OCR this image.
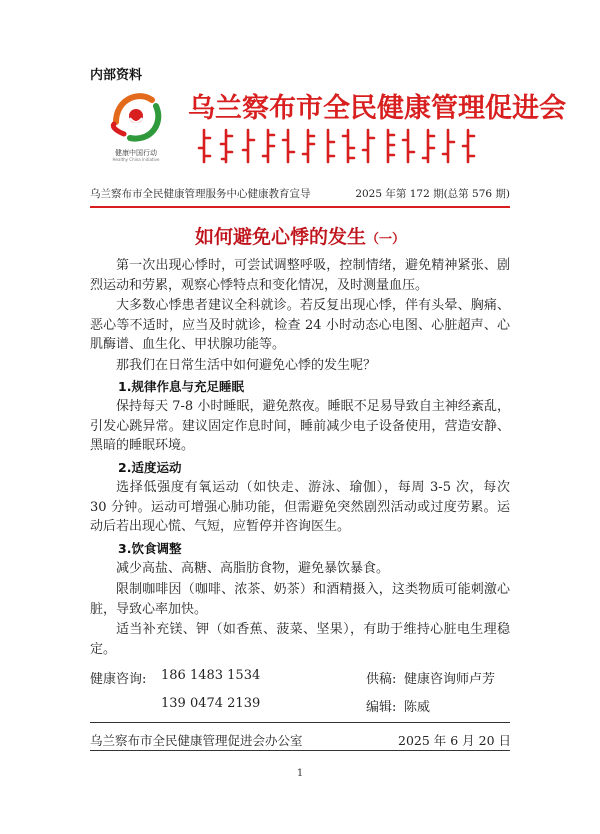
内部资料
健康中国行动
Healthy China Initiative
乌兰察布市全民健康管理促进会
乌兰察布市全民健康管理服务中心健康教育宣导	2025 年第 172 期(总第 576 期)
如何避免心悸的发生（一）
第一次出现心悸时，可尝试调整呼吸，控制情绪，避免精神紧张、剧烈运动和劳累，观察心悸特点和变化情况，及时测量血压。
大多数心悸患者建议全科就诊。若反复出现心悸，伴有头晕、胸痛、恶心等不适时，应当及时就诊，检查 24 小时动态心电图、心脏超声、心肌酶谱、血生化、甲状腺功能等。
那我们在日常生活中如何避免心悸的发生呢？
1.规律作息与充足睡眠
保持每天 7-8 小时睡眠，避免熬夜。睡眠不足易导致自主神经紊乱，引发心跳异常。建议固定作息时间，睡前减少电子设备使用，营造安静、黑暗的睡眠环境。
2.适度运动
选择低强度有氧运动（如快走、游泳、瑜伽），每周 3-5 次，每次 30 分钟。运动可增强心肺功能，但需避免突然剧烈活动或过度劳累。运动后若出现心慌、气短，应暂停并咨询医生。
3.饮食调整
减少高盐、高糖、高脂肪食物，避免暴饮暴食。
限制咖啡因（咖啡、浓茶、奶茶）和酒精摄入，这类物质可能刺激心脏，导致心率加快。
适当补充镁、钾（如香蕉、菠菜、坚果），有助于维持心脏电生理稳定。
健康咨询: 186 1483 1534
139 0474 2139
供稿: 健康咨询师卢芳
编辑: 陈威
乌兰察布市全民健康管理促进会办公室	2025 年 6 月 20 日
1
